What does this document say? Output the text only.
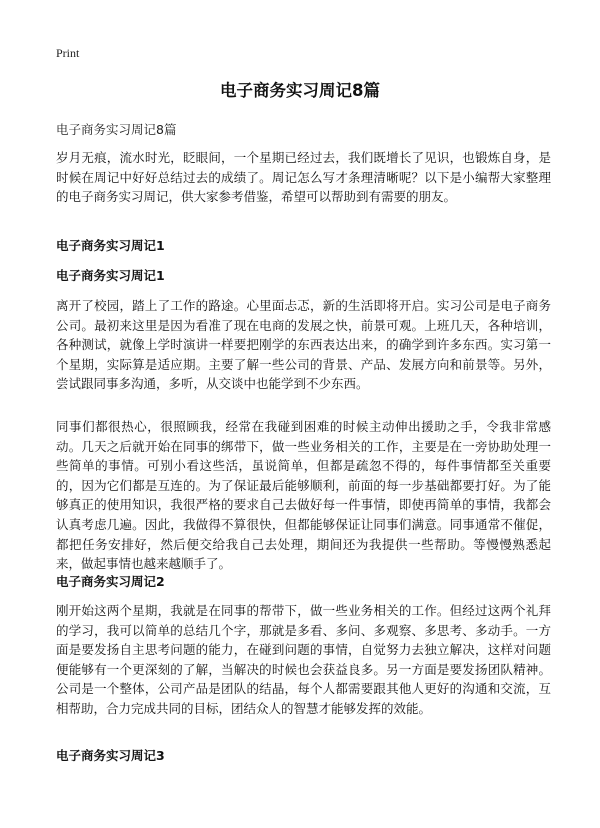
Print
电子商务实习周记8篇
电子商务实习周记8篇

岁月无痕，流水时光，眨眼间，一个星期已经过去，我们既增长了见识，也锻炼自身，是时候在周记中好好总结过去的成绩了。周记怎么写才条理清晰呢？以下是小编帮大家整理的电子商务实习周记，供大家参考借鉴，希望可以帮助到有需要的朋友。

电子商务实习周记1
电子商务实习周记1

离开了校园，踏上了工作的路途。心里面忐忑，新的生活即将开启。实习公司是电子商务公司。最初来这里是因为看准了现在电商的发展之快，前景可观。上班几天，各种培训，各种测试，就像上学时演讲一样要把刚学的东西表达出来，的确学到许多东西。实习第一个星期，实际算是适应期。主要了解一些公司的背景、产品、发展方向和前景等。另外，尝试跟同事多沟通，多听，从交谈中也能学到不少东西。

同事们都很热心，很照顾我，经常在我碰到困难的时候主动伸出援助之手，令我非常感动。几天之后就开始在同事的绑带下，做一些业务相关的工作，主要是在一旁协助处理一些简单的事情。可别小看这些活，虽说简单，但都是疏忽不得的，每件事情都至关重要的，因为它们都是互连的。为了保证最后能够顺利，前面的每一步基础都要打好。为了能够真正的使用知识，我很严格的要求自己去做好每一件事情，即使再简单的事情，我都会认真考虑几遍。因此，我做得不算很快，但都能够保证让同事们满意。同事通常不催促，都把任务安排好，然后便交给我自己去处理，期间还为我提供一些帮助。等慢慢熟悉起来，做起事情也越来越顺手了。

电子商务实习周记2

刚开始这两个星期，我就是在同事的帮带下，做一些业务相关的工作。但经过这两个礼拜的学习，我可以简单的总结几个字，那就是多看、多问、多观察、多思考、多动手。一方面是要发扬自主思考问题的能力，在碰到问题的事情，自觉努力去独立解决，这样对问题便能够有一个更深刻的了解，当解决的时候也会获益良多。另一方面是要发扬团队精神。公司是一个整体，公司产品是团队的结晶，每个人都需要跟其他人更好的沟通和交流，互相帮助，合力完成共同的目标，团结众人的智慧才能够发挥的效能。

电子商务实习周记3
